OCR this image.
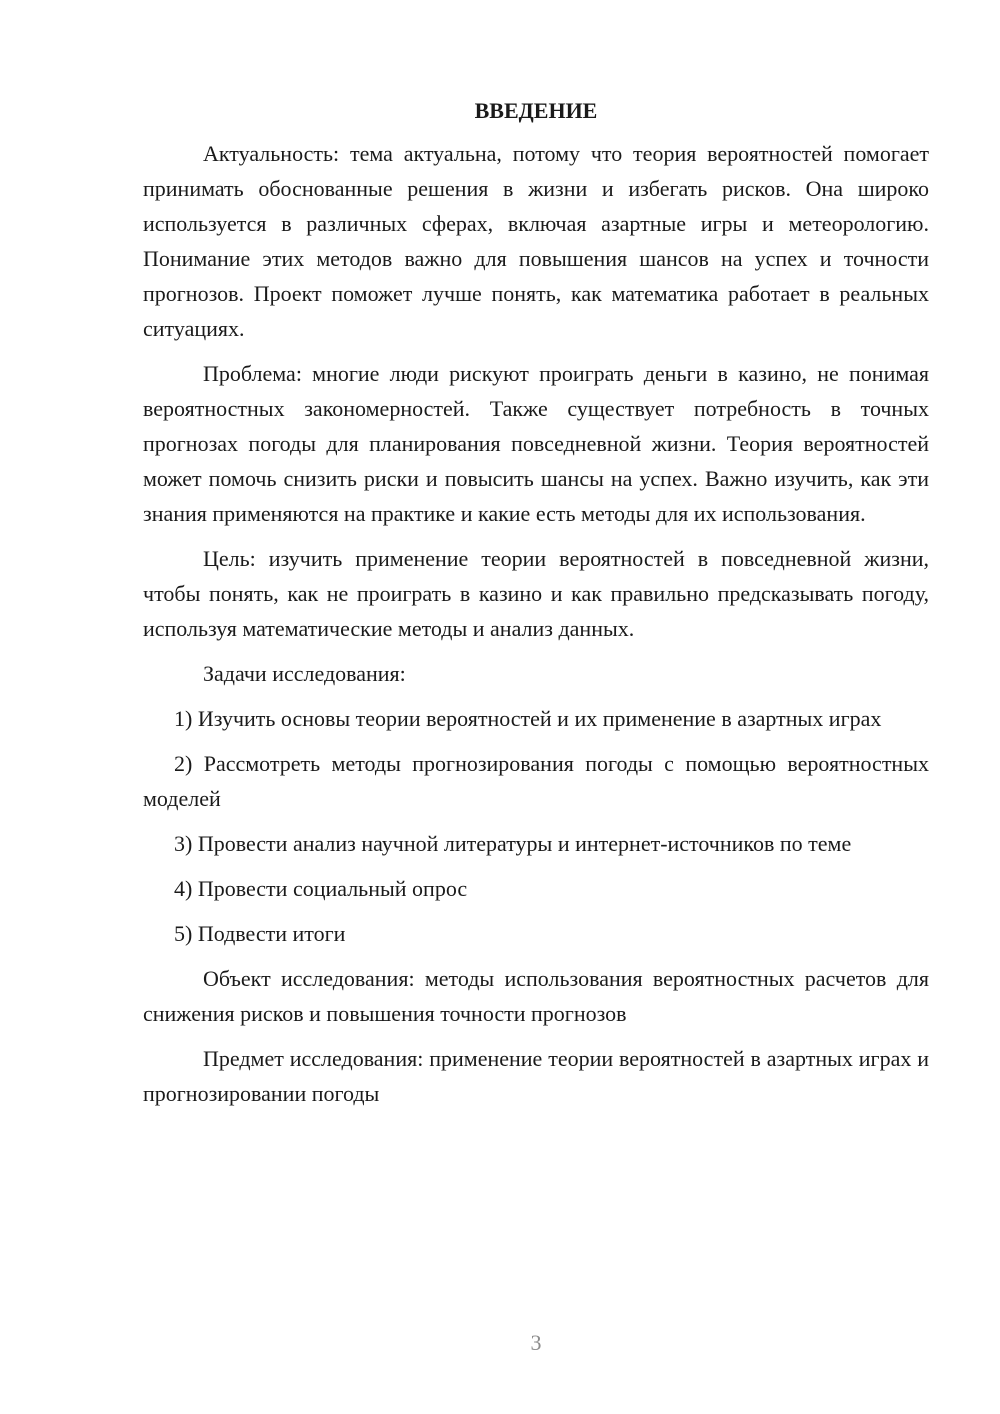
ВВЕДЕНИЕ

Актуальность: тема актуальна, потому что теория вероятностей помогает принимать обоснованные решения в жизни и избегать рисков. Она широко используется в различных сферах, включая азартные игры и метеорологию. Понимание этих методов важно для повышения шансов на успех и точности прогнозов. Проект поможет лучше понять, как математика работает в реальных ситуациях.

Проблема: многие люди рискуют проиграть деньги в казино, не понимая вероятностных закономерностей. Также существует потребность в точных прогнозах погоды для планирования повседневной жизни. Теория вероятностей может помочь снизить риски и повысить шансы на успех. Важно изучить, как эти знания применяются на практике и какие есть методы для их использования.

Цель: изучить применение теории вероятностей в повседневной жизни, чтобы понять, как не проиграть в казино и как правильно предсказывать погоду, используя математические методы и анализ данных.

Задачи исследования:

1) Изучить основы теории вероятностей и их применение в азартных играх

2) Рассмотреть методы прогнозирования погоды с помощью вероятностных моделей

3) Провести анализ научной литературы и интернет-источников по теме

4) Провести социальный опрос

5) Подвести итоги

Объект исследования: методы использования вероятностных расчетов для снижения рисков и повышения точности прогнозов

Предмет исследования: применение теории вероятностей в азартных играх и прогнозировании погоды

3
